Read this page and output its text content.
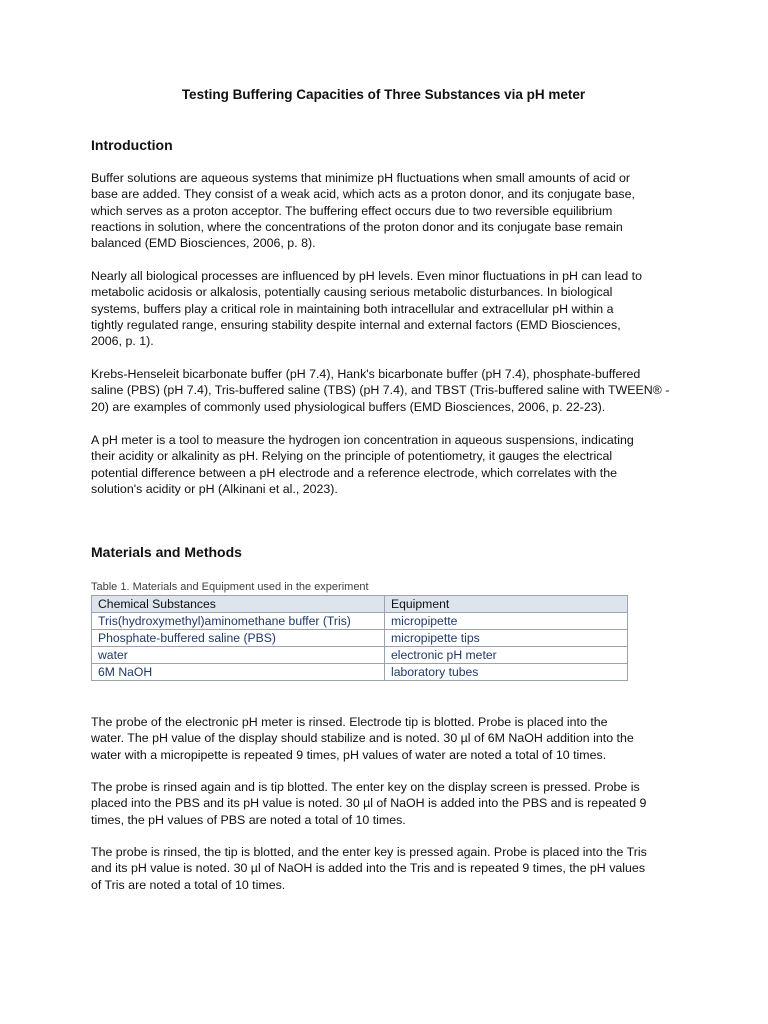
Testing Buffering Capacities of Three Substances via pH meter
Introduction
Buffer solutions are aqueous systems that minimize pH fluctuations when small amounts of acid or
base are added. They consist of a weak acid, which acts as a proton donor, and its conjugate base,
which serves as a proton acceptor. The buffering effect occurs due to two reversible equilibrium
reactions in solution, where the concentrations of the proton donor and its conjugate base remain
balanced (EMD Biosciences, 2006, p. 8).
Nearly all biological processes are influenced by pH levels. Even minor fluctuations in pH can lead to
metabolic acidosis or alkalosis, potentially causing serious metabolic disturbances. In biological
systems, buffers play a critical role in maintaining both intracellular and extracellular pH within a
tightly regulated range, ensuring stability despite internal and external factors (EMD Biosciences,
2006, p. 1).
Krebs-Henseleit bicarbonate buffer (pH 7.4), Hank's bicarbonate buffer (pH 7.4), phosphate-buffered
saline (PBS) (pH 7.4), Tris-buffered saline (TBS) (pH 7.4), and TBST (Tris-buffered saline with TWEEN® -
20) are examples of commonly used physiological buffers (EMD Biosciences, 2006, p. 22-23).
A pH meter is a tool to measure the hydrogen ion concentration in aqueous suspensions, indicating
their acidity or alkalinity as pH. Relying on the principle of potentiometry, it gauges the electrical
potential difference between a pH electrode and a reference electrode, which correlates with the
solution's acidity or pH (Alkinani et al., 2023).
Materials and Methods
Table 1. Materials and Equipment used in the experiment
Chemical Substances	Equipment
Tris(hydroxymethyl)aminomethane buffer (Tris)	micropipette
Phosphate-buffered saline (PBS)	micropipette tips
water	electronic pH meter
6M NaOH	laboratory tubes
The probe of the electronic pH meter is rinsed. Electrode tip is blotted. Probe is placed into the
water. The pH value of the display should stabilize and is noted. 30 µl of 6M NaOH addition into the
water with a micropipette is repeated 9 times, pH values of water are noted a total of 10 times.
The probe is rinsed again and is tip blotted. The enter key on the display screen is pressed. Probe is
placed into the PBS and its pH value is noted. 30 µl of NaOH is added into the PBS and is repeated 9
times, the pH values of PBS are noted a total of 10 times.
The probe is rinsed, the tip is blotted, and the enter key is pressed again. Probe is placed into the Tris
and its pH value is noted. 30 µl of NaOH is added into the Tris and is repeated 9 times, the pH values
of Tris are noted a total of 10 times.
